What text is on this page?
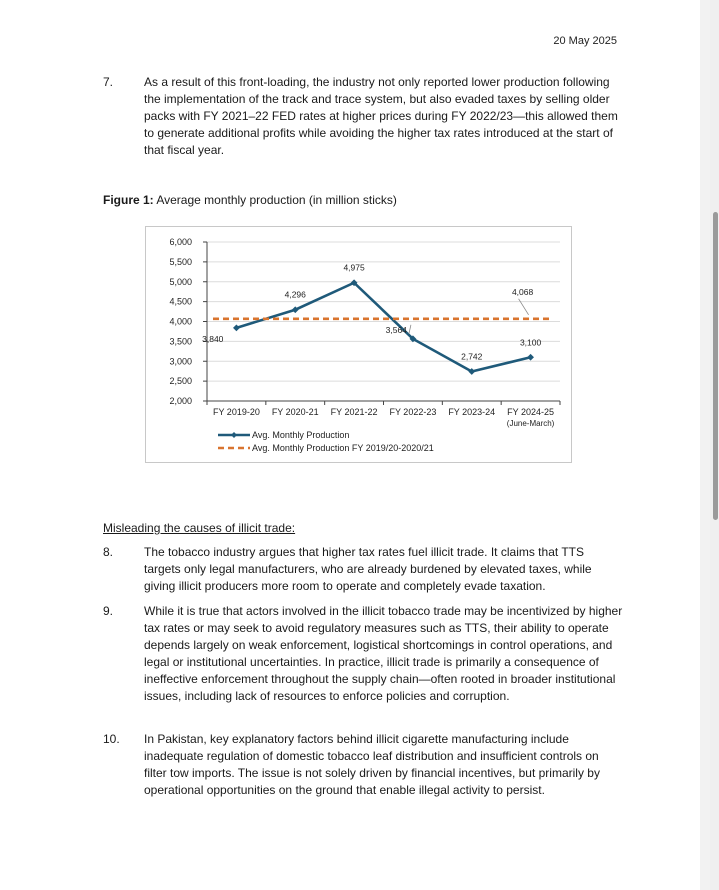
20 May 2025
7.	As a result of this front-loading, the industry not only reported lower production following the implementation of the track and trace system, but also evaded taxes by selling older packs with FY 2021–22 FED rates at higher prices during FY 2022/23—this allowed them to generate additional profits while avoiding the higher tax rates introduced at the start of that fiscal year.
Figure 1: Average monthly production (in million sticks)
2,000
2,500
3,000
3,500
4,000
4,500
5,000
5,500
6,000
FY 2019-20 FY 2020-21 FY 2021-22 FY 2022-23 FY 2023-24 FY 2024-25
(June-March)
3,840
4,296
4,975
3,564
2,742
3,100
4,068
Avg. Monthly Production
Avg. Monthly Production FY 2019/20-2020/21
Misleading the causes of illicit trade:
8.	The tobacco industry argues that higher tax rates fuel illicit trade. It claims that TTS targets only legal manufacturers, who are already burdened by elevated taxes, while giving illicit producers more room to operate and completely evade taxation.
9.	While it is true that actors involved in the illicit tobacco trade may be incentivized by higher tax rates or may seek to avoid regulatory measures such as TTS, their ability to operate depends largely on weak enforcement, logistical shortcomings in control operations, and legal or institutional uncertainties. In practice, illicit trade is primarily a consequence of ineffective enforcement throughout the supply chain—often rooted in broader institutional issues, including lack of resources to enforce policies and corruption.
10. In Pakistan, key explanatory factors behind illicit cigarette manufacturing include inadequate regulation of domestic tobacco leaf distribution and insufficient controls on filter tow imports. The issue is not solely driven by financial incentives, but primarily by operational opportunities on the ground that enable illegal activity to persist.
